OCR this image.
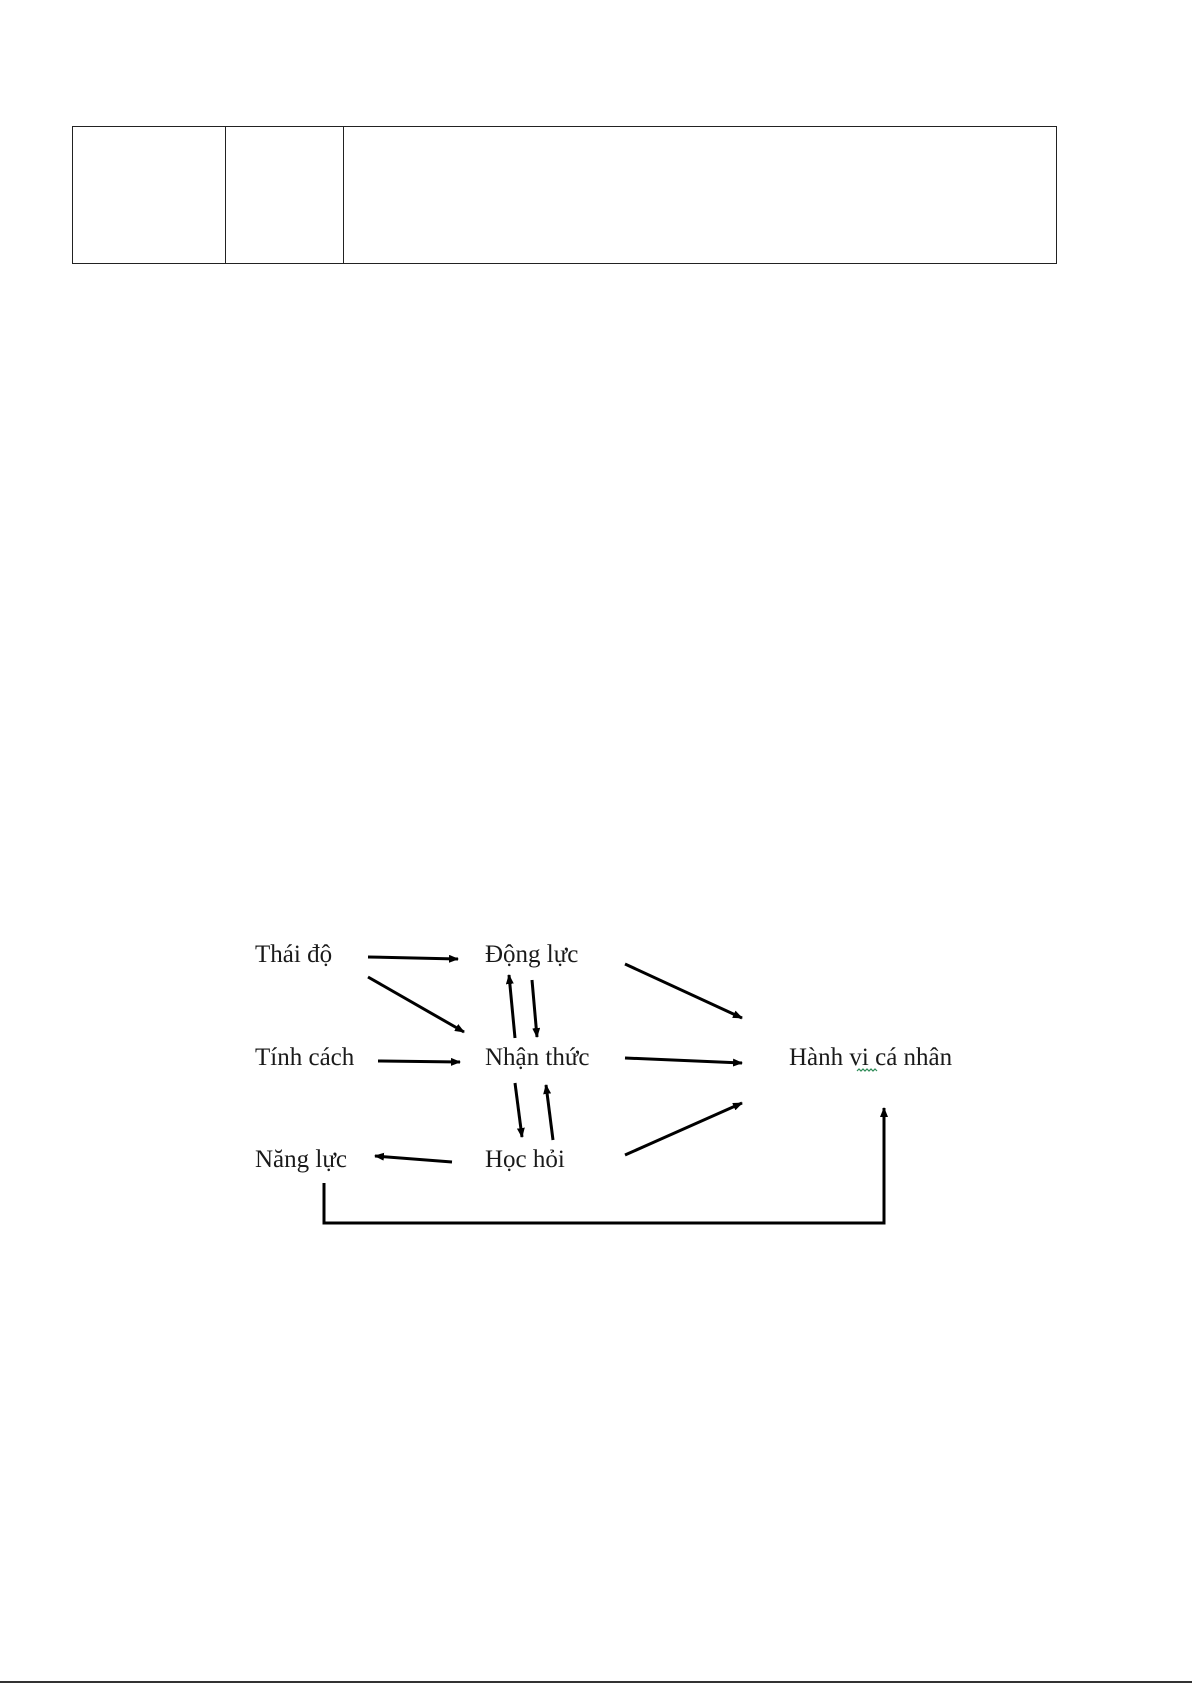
Thái độ	Động lực
Tính cách	Nhận thức	Hành vi cá nhân
Năng lực	Học hỏi
